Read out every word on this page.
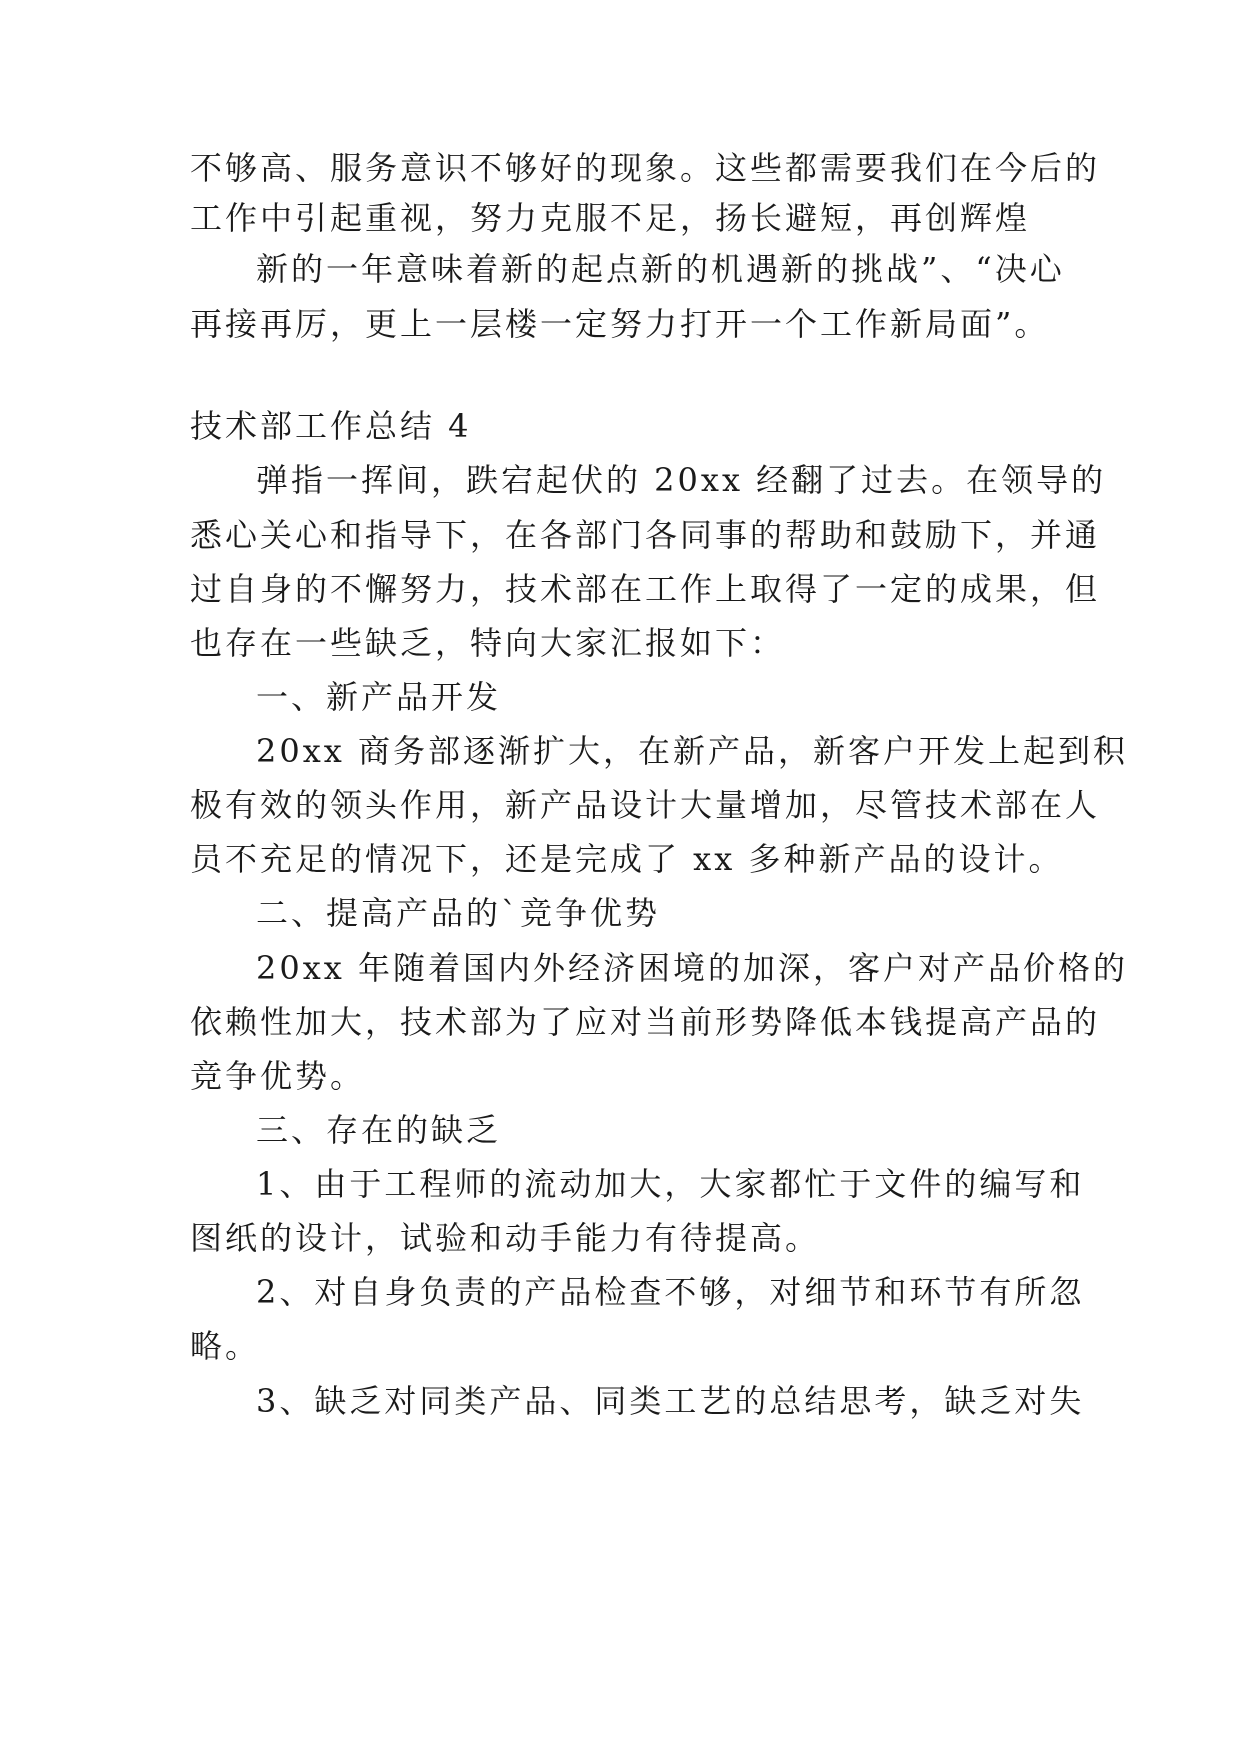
不够高、服务意识不够好的现象。这些都需要我们在今后的
工作中引起重视，努力克服不足，扬长避短，再创辉煌
新的一年意味着新的起点新的机遇新的挑战”、“决心
再接再厉，更上一层楼一定努力打开一个工作新局面”。
技术部工作总结 4
弹指一挥间，跌宕起伏的 20xx 经翻了过去。在领导的
悉心关心和指导下，在各部门各同事的帮助和鼓励下，并通
过自身的不懈努力，技术部在工作上取得了一定的成果，但
也存在一些缺乏，特向大家汇报如下：
一、新产品开发
20xx 商务部逐渐扩大，在新产品，新客户开发上起到积
极有效的领头作用，新产品设计大量增加，尽管技术部在人
员不充足的情况下，还是完成了 xx 多种新产品的设计。
二、提高产品的`竞争优势
20xx 年随着国内外经济困境的加深，客户对产品价格的
依赖性加大，技术部为了应对当前形势降低本钱提高产品的
竞争优势。
三、存在的缺乏
1、由于工程师的流动加大，大家都忙于文件的编写和
图纸的设计，试验和动手能力有待提高。
2、对自身负责的产品检查不够，对细节和环节有所忽
略。
3、缺乏对同类产品、同类工艺的总结思考，缺乏对失
